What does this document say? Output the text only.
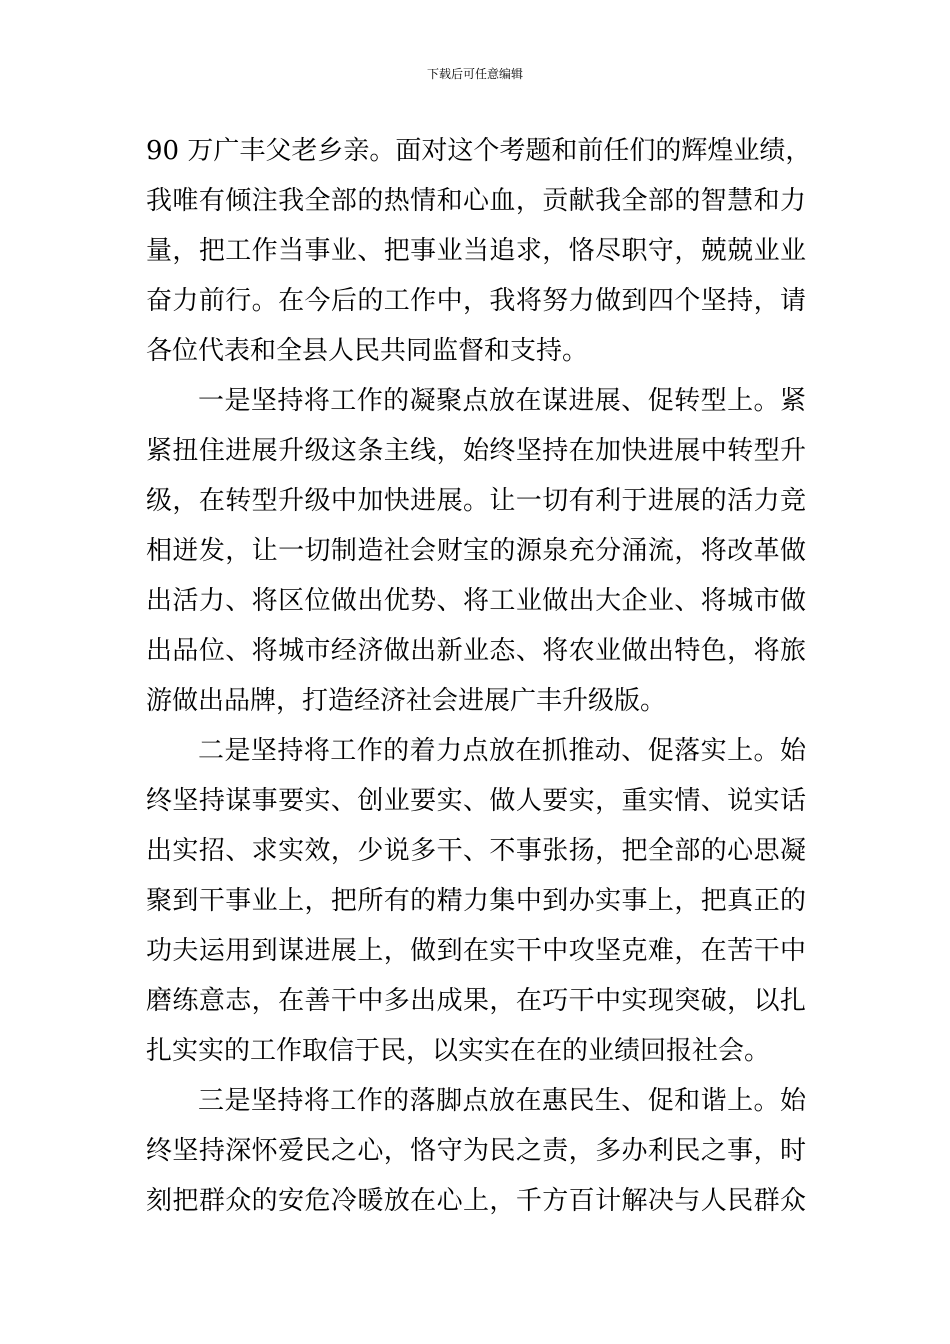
下载后可任意编辑
90 万广丰父老乡亲。面对这个考题和前任们的辉煌业绩，
我唯有倾注我全部的热情和心血，贡献我全部的智慧和力
量，把工作当事业、把事业当追求，恪尽职守，兢兢业业
奋力前行。在今后的工作中，我将努力做到四个坚持，请
各位代表和全县人民共同监督和支持。
一是坚持将工作的凝聚点放在谋进展、促转型上。紧
紧扭住进展升级这条主线，始终坚持在加快进展中转型升
级，在转型升级中加快进展。让一切有利于进展的活力竞
相迸发，让一切制造社会财宝的源泉充分涌流，将改革做
出活力、将区位做出优势、将工业做出大企业、将城市做
出品位、将城市经济做出新业态、将农业做出特色，将旅
游做出品牌，打造经济社会进展广丰升级版。
二是坚持将工作的着力点放在抓推动、促落实上。始
终坚持谋事要实、创业要实、做人要实，重实情、说实话
出实招、求实效，少说多干、不事张扬，把全部的心思凝
聚到干事业上，把所有的精力集中到办实事上，把真正的
功夫运用到谋进展上，做到在实干中攻坚克难，在苦干中
磨练意志，在善干中多出成果，在巧干中实现突破，以扎
扎实实的工作取信于民，以实实在在的业绩回报社会。
三是坚持将工作的落脚点放在惠民生、促和谐上。始
终坚持深怀爱民之心，恪守为民之责，多办利民之事，时
刻把群众的安危冷暖放在心上，千方百计解决与人民群众
